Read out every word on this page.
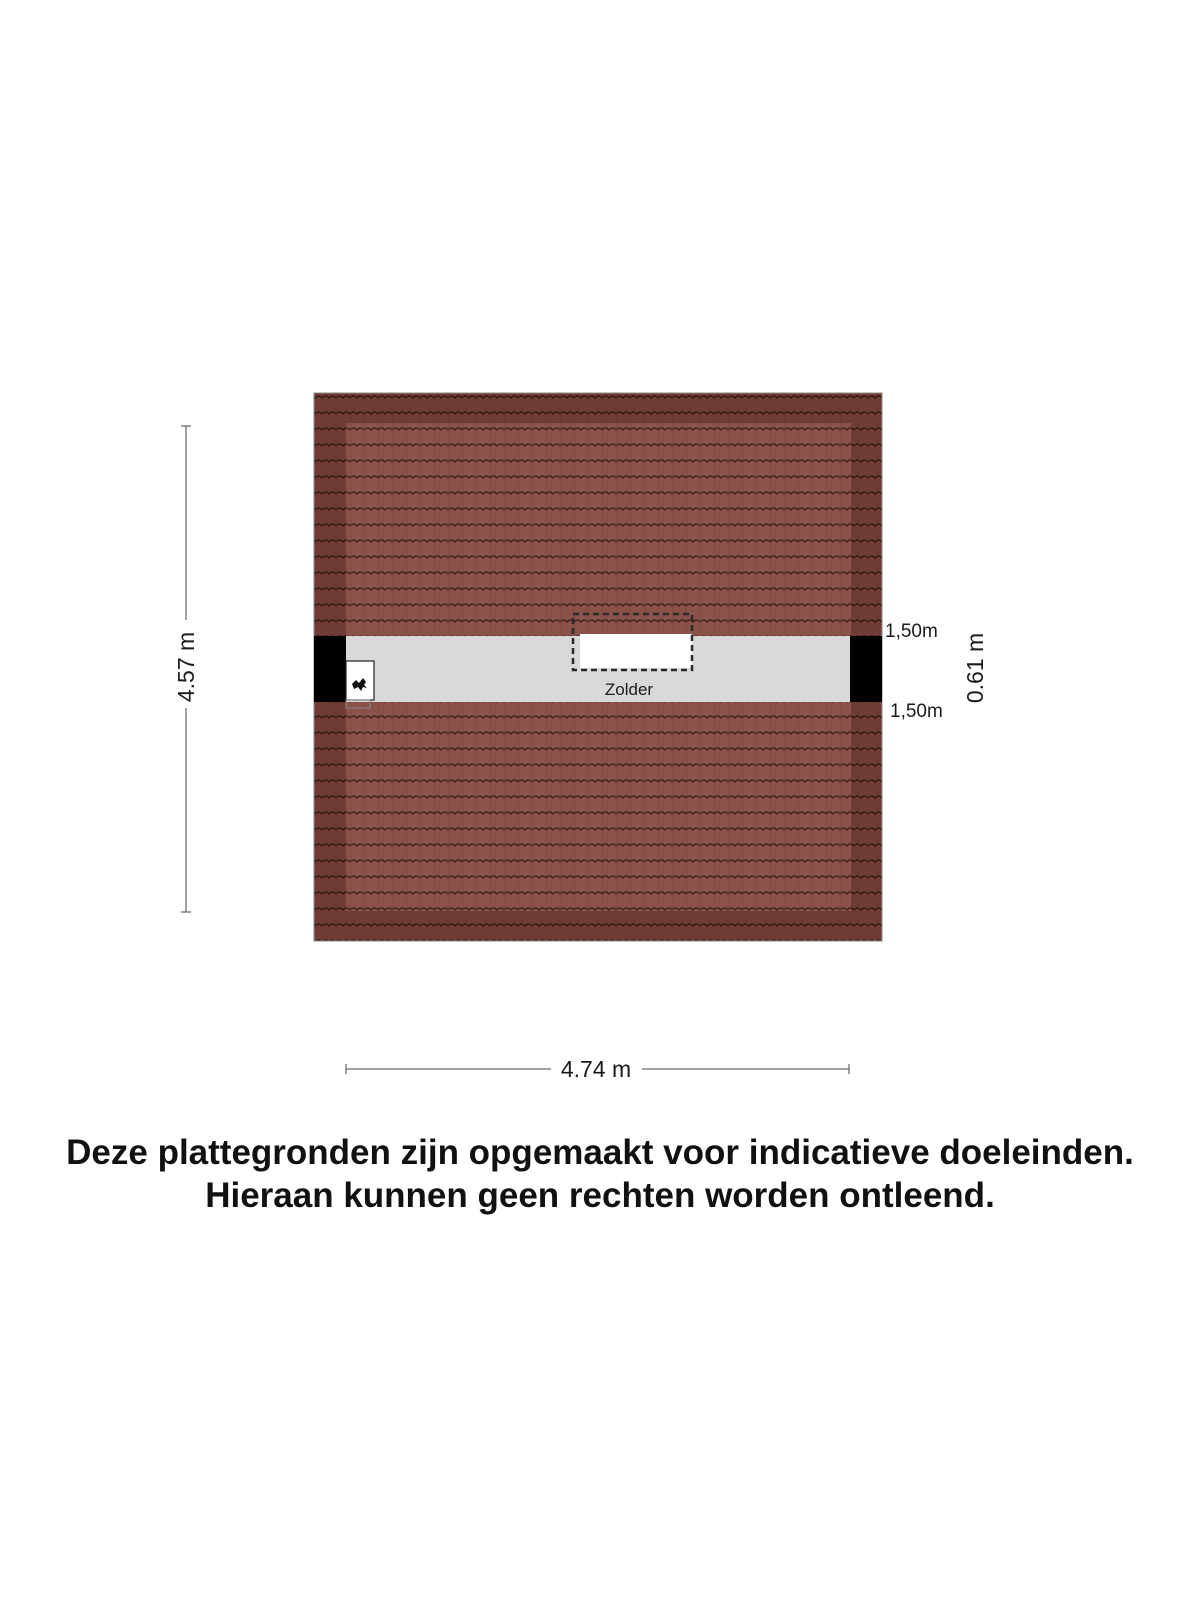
Zolder
4.57 m
4.74 m
1,50m
1,50m
0.61 m
Deze plattegronden zijn opgemaakt voor indicatieve doeleinden.
Hieraan kunnen geen rechten worden ontleend.
